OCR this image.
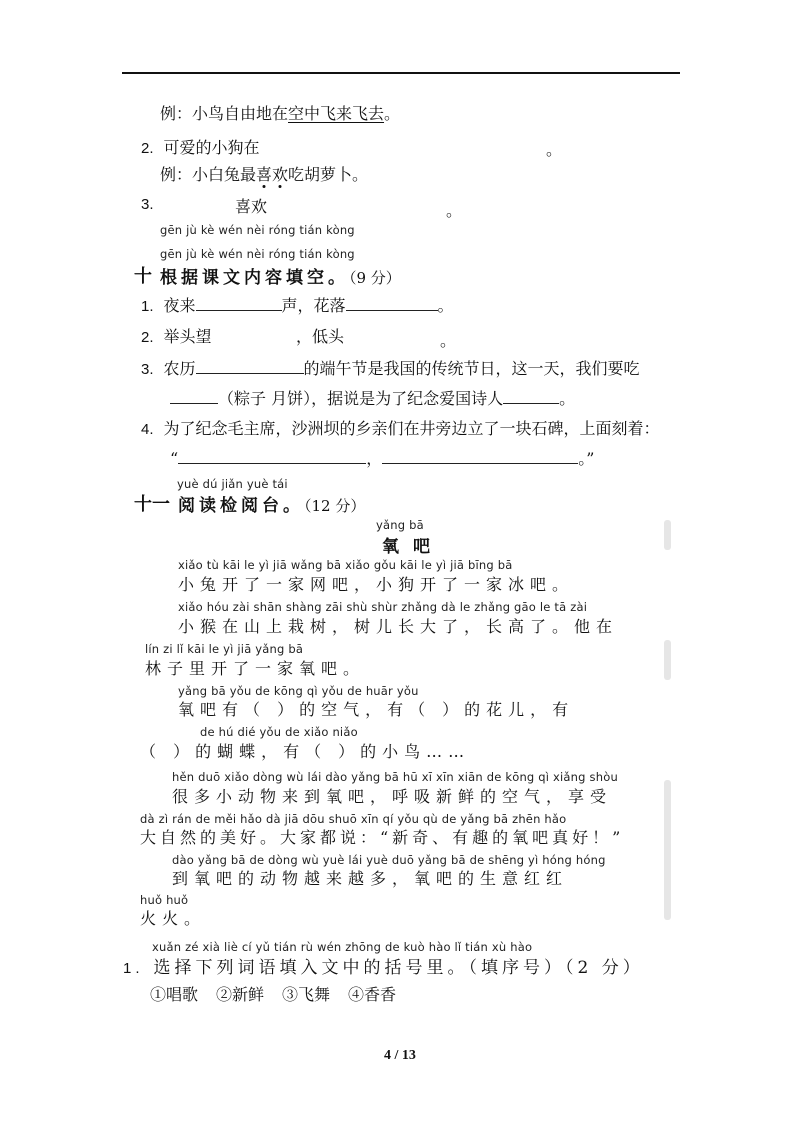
例：小鸟自由地在空中飞来飞去。
2. 可爱的小狗在	。
例：小白兔最喜
欢
吃胡萝卜。
3.	喜欢	。
gēn jù kè wén nèi róng tián kòng
gēn jù kè wén nèi róng tián kòng
十 根据课文内容填空。（9 分）
1. 夜来	声，花落	。
2. 举头望	，低头	。
3. 农历	的端午节是我国的传统节日，这一天，我们要吃
（粽子 月饼），据说是为了纪念爱国诗人	。
4. 为了纪念毛主席，沙洲坝的乡亲们在井旁边立了一块石碑，上面刻着：
“	，	。”
yuè dú jiǎn yuè tái
十一 阅读检阅台。（12 分）
yǎng bā
氧吧
xiǎo tù kāi le yì jiā wǎng bā xiǎo gǒu kāi le yì jiā bīng bā
小兔开了一家网吧，小狗开了一家冰吧。
xiǎo hóu zài shān shàng zāi shù shùr zhǎng dà le zhǎng gāo le tā zài
小猴在山上栽树，树儿长大了，长高了。他在
lín zi lǐ kāi le yì jiā yǎng bā
林子里开了一家氧吧。
yǎng bā yǒu de kōng qì yǒu de huār yǒu
氧吧有（ ）的空气，有（ ）的花儿，有
de hú dié yǒu de xiǎo niǎo
（ ）的蝴蝶，有（ ）的小鸟……
hěn duō xiǎo dòng wù lái dào yǎng bā hū xī xīn xiān de kōng qì xiǎng shòu
很多小动物来到氧吧，呼吸新鲜的空气，享受
dà zì rán de měi hǎo dà jiā dōu shuō xīn qí yǒu qù de yǎng bā zhēn hǎo
大自然的美好。大家都说：“新奇、有趣的氧吧真好！”
dào yǎng bā de dòng wù yuè lái yuè duō yǎng bā de shēng yì hóng hóng
到氧吧的动物越来越多，氧吧的生意红红
huǒ huǒ
火火。
xuǎn zé xià liè cí yǔ tián rù wén zhōng de kuò hào lǐ tián xù hào
1. 选择下列词语填入文中的括号里。（填序号）（2 分）
①唱歌 ②新鲜 ③飞舞 ④香香
4 / 13
